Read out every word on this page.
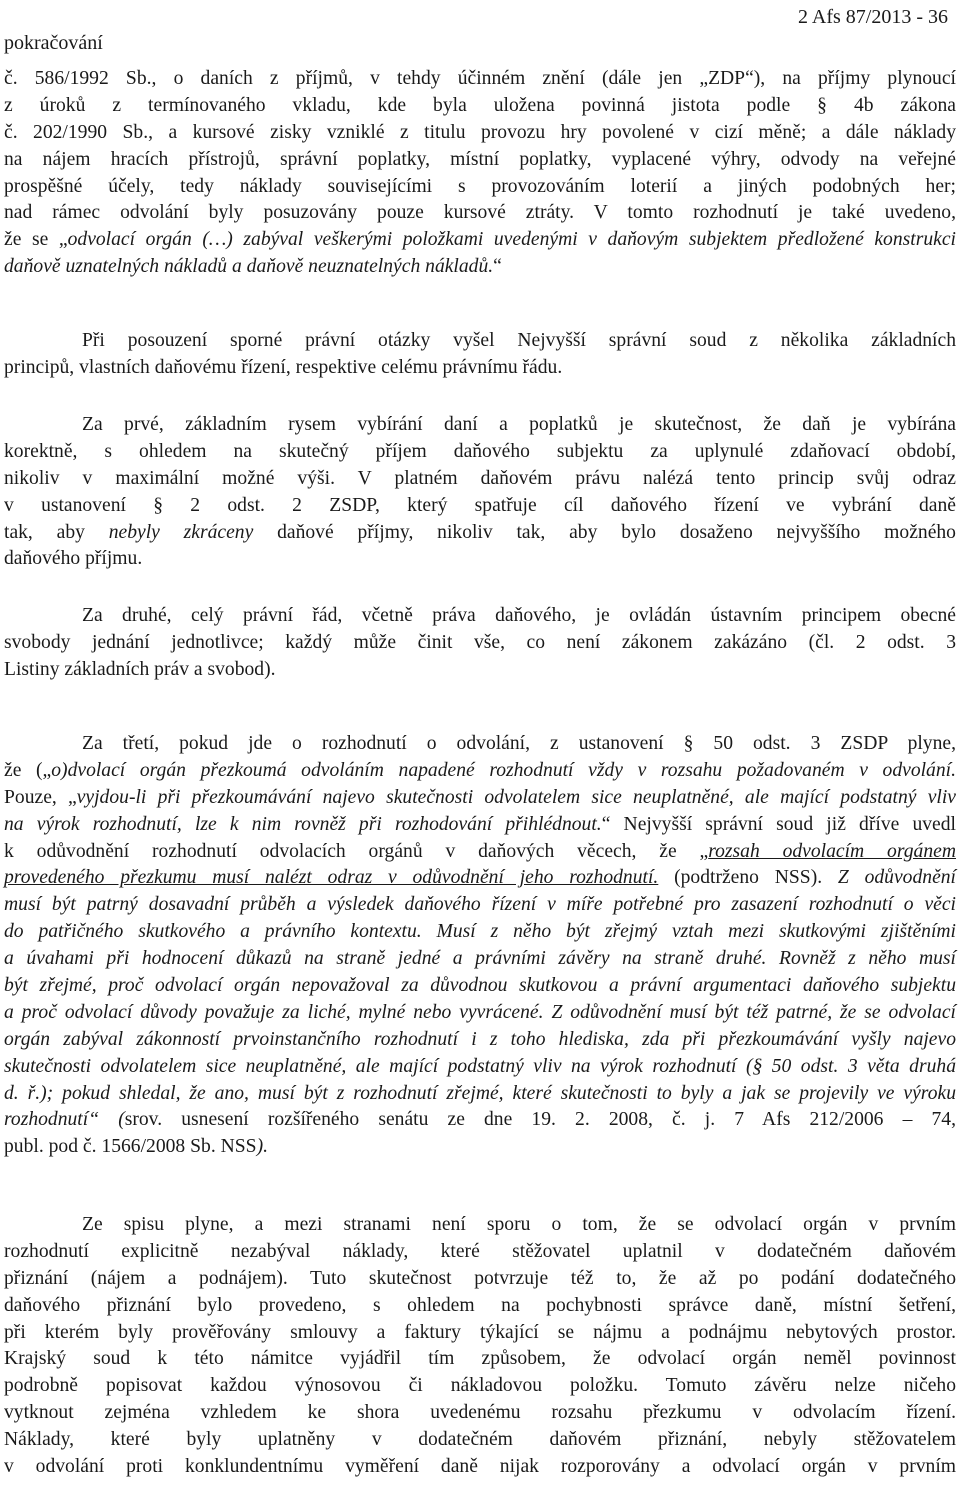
pokračování
2 Afs 87/2013 - 36
č. 586/1992 Sb., o daních z příjmů, v tehdy účinném znění (dále jen „ZDP“), na příjmy plynoucí
z úroků z termínovaného vkladu, kde byla uložena povinná jistota podle § 4b zákona
č. 202/1990 Sb., a kursové zisky vzniklé z titulu provozu hry povolené v cizí měně; a dále náklady
na nájem hracích přístrojů, správní poplatky, místní poplatky, vyplacené výhry, odvody na veřejné
prospěšné účely, tedy náklady souvisejícími s provozováním loterií a jiných podobných her;
nad rámec odvolání byly posuzovány pouze kursové ztráty. V tomto rozhodnutí je také uvedeno,
že se „odvolací orgán (…) zabýval veškerými položkami uvedenými v daňovým subjektem předložené konstrukci
daňově uznatelných nákladů a daňově neuznatelných nákladů.“
Při posouzení sporné právní otázky vyšel Nejvyšší správní soud z několika základních
principů, vlastních daňovému řízení, respektive celému právnímu řádu.
Za prvé, základním rysem vybírání daní a poplatků je skutečnost, že daň je vybírána
korektně, s ohledem na skutečný příjem daňového subjektu za uplynulé zdaňovací období,
nikoliv v maximální možné výši. V platném daňovém právu nalézá tento princip svůj odraz
v ustanovení § 2 odst. 2 ZSDP, který spatřuje cíl daňového řízení ve vybrání daně
tak, aby nebyly zkráceny daňové příjmy, nikoliv tak, aby bylo dosaženo nejvyššího možného
daňového příjmu.
Za druhé, celý právní řád, včetně práva daňového, je ovládán ústavním principem obecné
svobody jednání jednotlivce; každý může činit vše, co není zákonem zakázáno (čl. 2 odst. 3
Listiny základních práv a svobod).
Za třetí, pokud jde o rozhodnutí o odvolání, z ustanovení § 50 odst. 3 ZSDP plyne,
že („o)dvolací orgán přezkoumá odvoláním napadené rozhodnutí vždy v rozsahu požadovaném v odvolání.
Pouze, „vyjdou-li při přezkoumávání najevo skutečnosti odvolatelem sice neuplatněné, ale mající podstatný vliv
na výrok rozhodnutí, lze k nim rovněž při rozhodování přihlédnout.“ Nejvyšší správní soud již dříve uvedl
k odůvodnění rozhodnutí odvolacích orgánů v daňových věcech, že „rozsah odvolacím orgánem
provedeného přezkumu musí nalézt odraz v odůvodnění jeho rozhodnutí. (podtrženo NSS). Z odůvodnění
musí být patrný dosavadní průběh a výsledek daňového řízení v míře potřebné pro zasazení rozhodnutí o věci
do patřičného skutkového a právního kontextu. Musí z něho být zřejmý vztah mezi skutkovými zjištěními
a úvahami při hodnocení důkazů na straně jedné a právními závěry na straně druhé. Rovněž z něho musí
být zřejmé, proč odvolací orgán nepovažoval za důvodnou skutkovou a právní argumentaci daňového subjektu
a proč odvolací důvody považuje za liché, mylné nebo vyvrácené. Z odůvodnění musí být též patrné, že se odvolací
orgán zabýval zákonností prvoinstančního rozhodnutí i z toho hlediska, zda při přezkoumávání vyšly najevo
skutečnosti odvolatelem sice neuplatněné, ale mající podstatný vliv na výrok rozhodnutí (§ 50 odst. 3 věta druhá
d. ř.); pokud shledal, že ano, musí být z rozhodnutí zřejmé, které skutečnosti to byly a jak se projevily ve výroku
rozhodnutí“ (srov. usnesení rozšířeného senátu ze dne 19. 2. 2008, č. j. 7 Afs 212/2006 – 74,
publ. pod č. 1566/2008 Sb. NSS).
Ze spisu plyne, a mezi stranami není sporu o tom, že se odvolací orgán v prvním
rozhodnutí explicitně nezabýval náklady, které stěžovatel uplatnil v dodatečném daňovém
přiznání (nájem a podnájem). Tuto skutečnost potvrzuje též to, že až po podání dodatečného
daňového přiznání bylo provedeno, s ohledem na pochybnosti správce daně, místní šetření,
při kterém byly prověřovány smlouvy a faktury týkající se nájmu a podnájmu nebytových prostor.
Krajský soud k této námitce vyjádřil tím způsobem, že odvolací orgán neměl povinnost
podrobně popisovat každou výnosovou či nákladovou položku. Tomuto závěru nelze ničeho
vytknout zejména vzhledem ke shora uvedenému rozsahu přezkumu v odvolacím řízení.
Náklady, které byly uplatněny v dodatečném daňovém přiznání, nebyly stěžovatelem
v odvolání proti konklundentnímu vyměření daně nijak rozporovány a odvolací orgán v prvním
